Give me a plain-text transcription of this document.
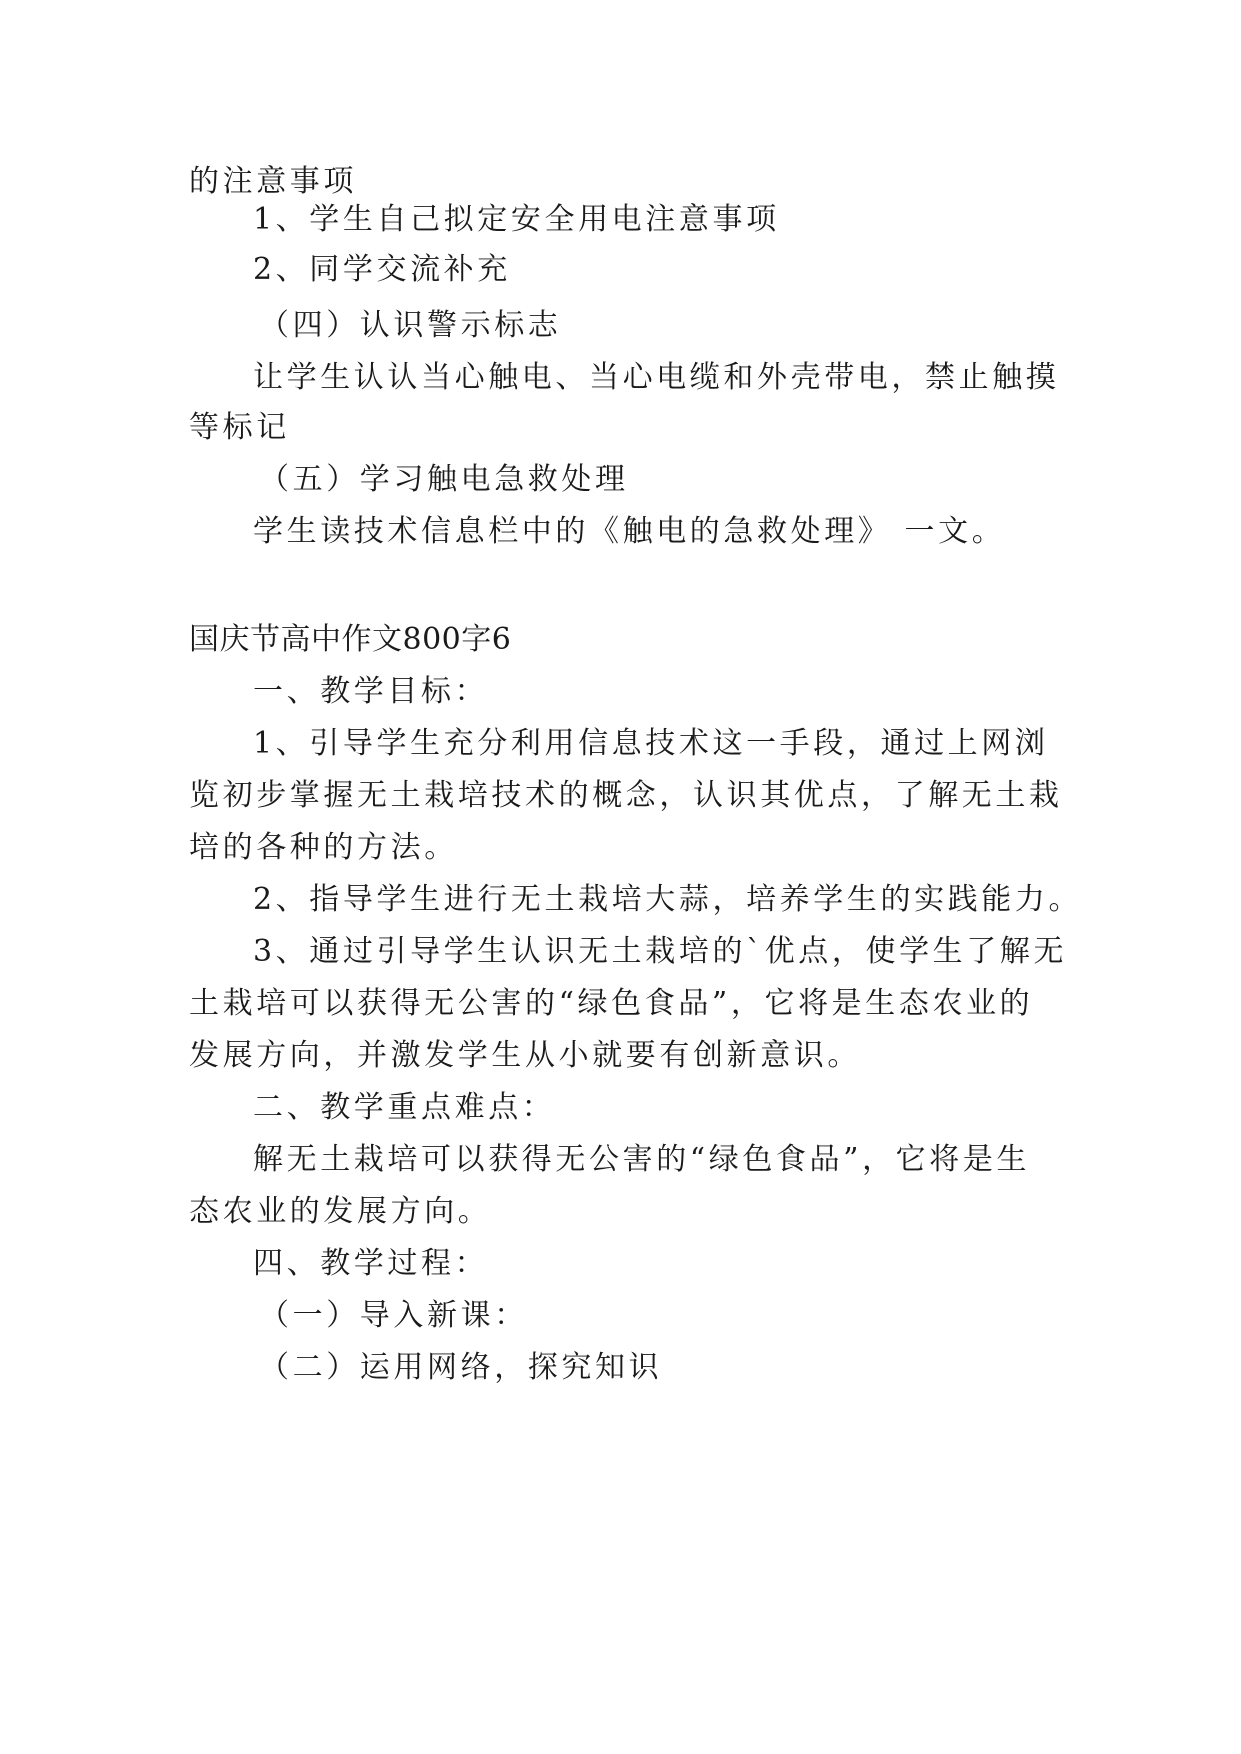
的注意事项
1、学生自己拟定安全用电注意事项
2、同学交流补充
（四）认识警示标志
让学生认认当心触电、当心电缆和外壳带电，禁止触摸
等标记
（五）学习触电急救处理
学生读技术信息栏中的《触电的急救处理》 一文。
国庆节高中作文800字6
一、教学目标：
1、引导学生充分利用信息技术这一手段，通过上网浏
览初步掌握无土栽培技术的概念，认识其优点，了解无土栽
培的各种的方法。
2、指导学生进行无土栽培大蒜，培养学生的实践能力。
3、通过引导学生认识无土栽培的`优点，使学生了解无
土栽培可以获得无公害的“绿色食品”，它将是生态农业的
发展方向，并激发学生从小就要有创新意识。
二、教学重点难点：
解无土栽培可以获得无公害的“绿色食品”，它将是生
态农业的发展方向。
四、教学过程：
（一）导入新课：
（二）运用网络，探究知识
